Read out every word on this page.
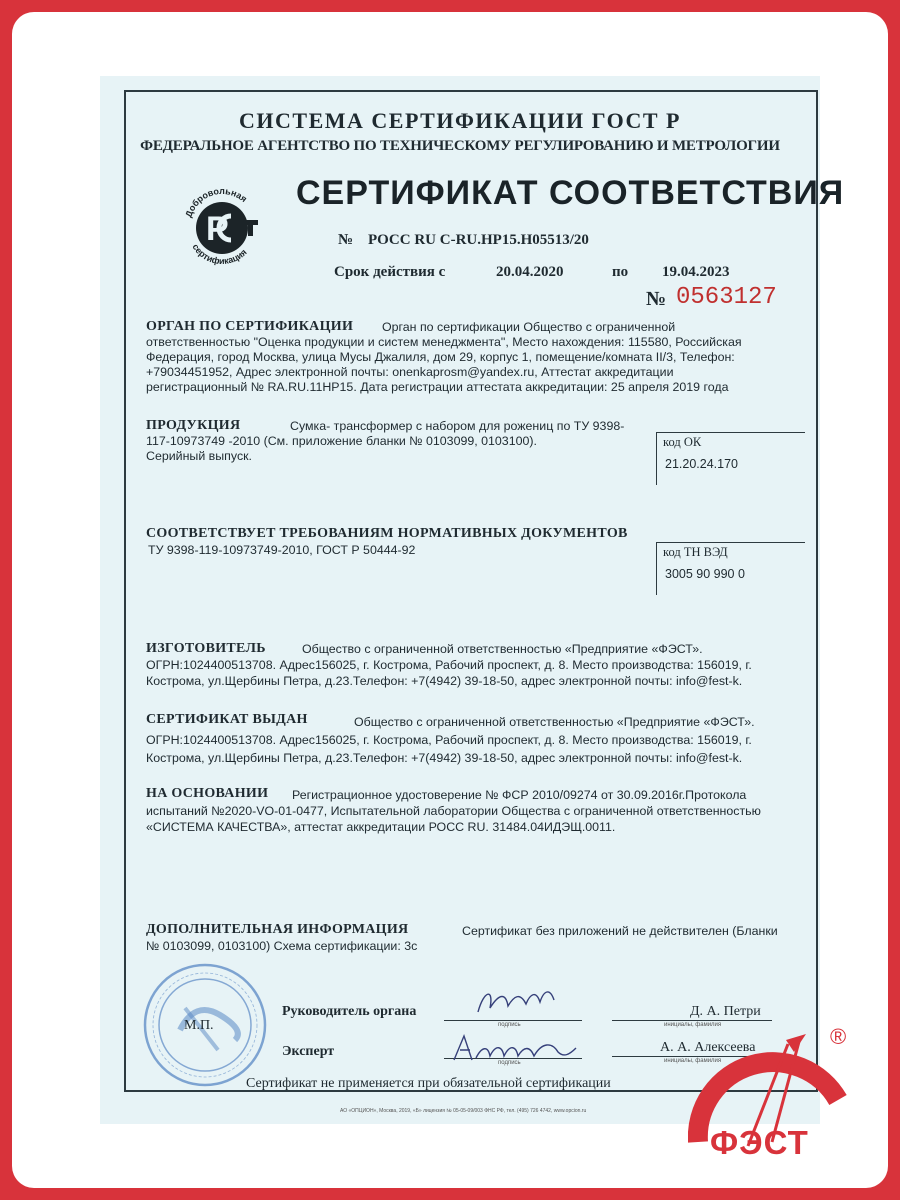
СИСТЕМА СЕРТИФИКАЦИИ ГОСТ Р
ФЕДЕРАЛЬНОЕ АГЕНТСТВО ПО ТЕХНИЧЕСКОМУ РЕГУЛИРОВАНИЮ И МЕТРОЛОГИИ
Р
Добровольная
сертификация
СЕРТИФИКАТ СООТВЕТСТВИЯ
№ РОСС RU С-RU.НР15.Н05513/20
Срок действия с	20.04.2020	по 19.04.2023
№ 0563127
ОРГАН ПО СЕРТИФИКАЦИИ Орган по сертификации Общество с ограниченной
ответственностью "Оценка продукции и систем менеджмента", Место нахождения: 115580, Российская
Федерация, город Москва, улица Мусы Джалиля, дом 29, корпус 1, помещение/комната II/3, Телефон:
+79034451952, Адрес электронной почты: onenkaprosm@yandex.ru, Аттестат аккредитации
регистрационный № RA.RU.11НР15. Дата регистрации аттестата аккредитации: 25 апреля 2019 года
ПРОДУКЦИЯ	Сумка- трансформер с набором для рожениц по ТУ 9398-
117-10973749 -2010 (См. приложение бланки № 0103099, 0103100).
Серийный выпуск.
код ОК
21.20.24.170
СООТВЕТСТВУЕТ ТРЕБОВАНИЯМ НОРМАТИВНЫХ ДОКУМЕНТОВ
ТУ 9398-119-10973749-2010, ГОСТ Р 50444-92	код ТН ВЭД
3005 90 990 0
ИЗГОТОВИТЕЛЬ	Общество с ограниченной ответственностью «Предприятие «ФЭСТ».
ОГРН:1024400513708. Адрес156025, г. Кострома, Рабочий проспект, д. 8. Место производства: 156019, г.
Кострома, ул.Щербины Петра, д.23.Телефон: +7(4942) 39-18-50, адрес электронной почты: info@fest-k.
СЕРТИФИКАТ ВЫДАН	Общество с ограниченной ответственностью «Предприятие «ФЭСТ».
ОГРН:1024400513708. Адрес156025, г. Кострома, Рабочий проспект, д. 8. Место производства: 156019, г.
Кострома, ул.Щербины Петра, д.23.Телефон: +7(4942) 39-18-50, адрес электронной почты: info@fest-k.
НА ОСНОВАНИИ Регистрационное удостоверение № ФСР 2010/09274 от 30.09.2016г.Протокола
испытаний №2020-VO-01-0477, Испытательной лаборатории Общества с ограниченной ответственностью
«СИСТЕМА КАЧЕСТВА», аттестат аккредитации РОСС RU. 31484.04ИДЭЩ.0011.
ДОПОЛНИТЕЛЬНАЯ ИНФОРМАЦИЯ	Сертификат без приложений не действителен (Бланки
№ 0103099, 0103100) Схема сертификации: 3с
М.П.
Руководитель органа
подпись
Д. А. Петри
инициалы, фамилия
Эксперт
подпись
А. А. Алексеева
инициалы, фамилия
Сертификат не применяется при обязательной сертификации
АО «ОПЦИОН», Москва, 2019, «Б» лицензия № 05-05-09/003 ФНС РФ, тел. (495) 726 4742, www.opcion.ru
ФЭСТ
®
